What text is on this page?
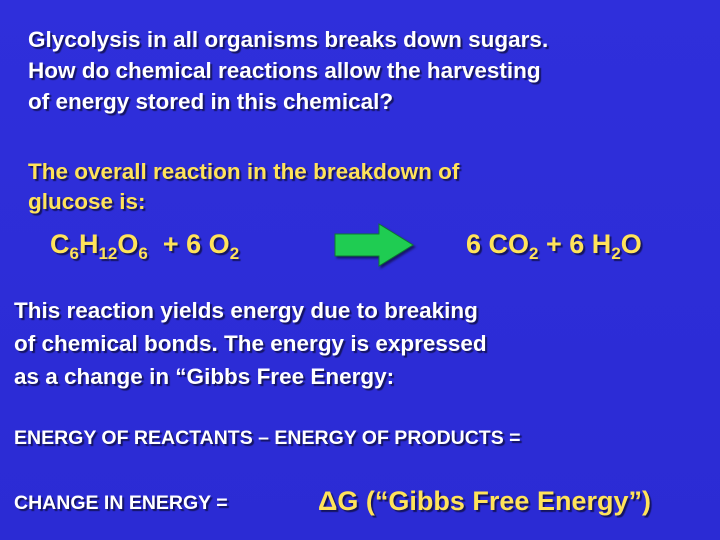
Glycolysis in all organisms breaks down sugars.
How do chemical reactions allow the harvesting
of energy stored in this chemical?
The overall reaction in the breakdown of
glucose is:
$C_6H_{12}O_6 + 6$ $O_2$	6 $CO_2 + 6$ $H_2O$
This reaction yields energy due to breaking
of chemical bonds. The energy is expressed
as a change in “Gibbs Free Energy:
ENERGY OF REACTANTS – ENERGY OF PRODUCTS =
CHANGE IN ENERGY =	ΔG (“Gibbs Free Energy”)
